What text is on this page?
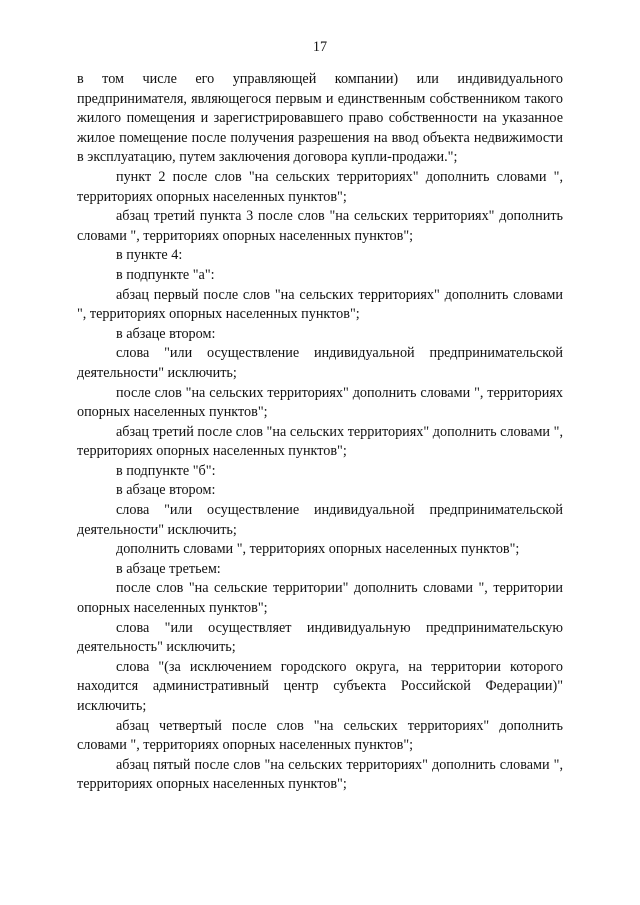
17

в том числе его управляющей компании) или индивидуального предпринимателя, являющегося первым и единственным собственником такого жилого помещения и зарегистрировавшего право собственности на указанное жилое помещение после получения разрешения на ввод объекта недвижимости в эксплуатацию, путем заключения договора купли-продажи.";

пункт 2 после слов "на сельских территориях" дополнить словами ", территориях опорных населенных пунктов";

абзац третий пункта 3 после слов "на сельских территориях" дополнить словами ", территориях опорных населенных пунктов";

в пункте 4:

в подпункте "а":

абзац первый после слов "на сельских территориях" дополнить словами ", территориях опорных населенных пунктов";

в абзаце втором:

слова "или осуществление индивидуальной предпринимательской деятельности" исключить;

после слов "на сельских территориях" дополнить словами ", территориях опорных населенных пунктов";

абзац третий после слов "на сельских территориях" дополнить словами ", территориях опорных населенных пунктов";

в подпункте "б":

в абзаце втором:

слова "или осуществление индивидуальной предпринимательской деятельности" исключить;

дополнить словами ", территориях опорных населенных пунктов";

в абзаце третьем:

после слов "на сельские территории" дополнить словами ", территории опорных населенных пунктов";

слова "или осуществляет индивидуальную предпринимательскую деятельность" исключить;

слова "(за исключением городского округа, на территории которого находится административный центр субъекта Российской Федерации)" исключить;

абзац четвертый после слов "на сельских территориях" дополнить словами ", территориях опорных населенных пунктов";

абзац пятый после слов "на сельских территориях" дополнить словами ", территориях опорных населенных пунктов";
